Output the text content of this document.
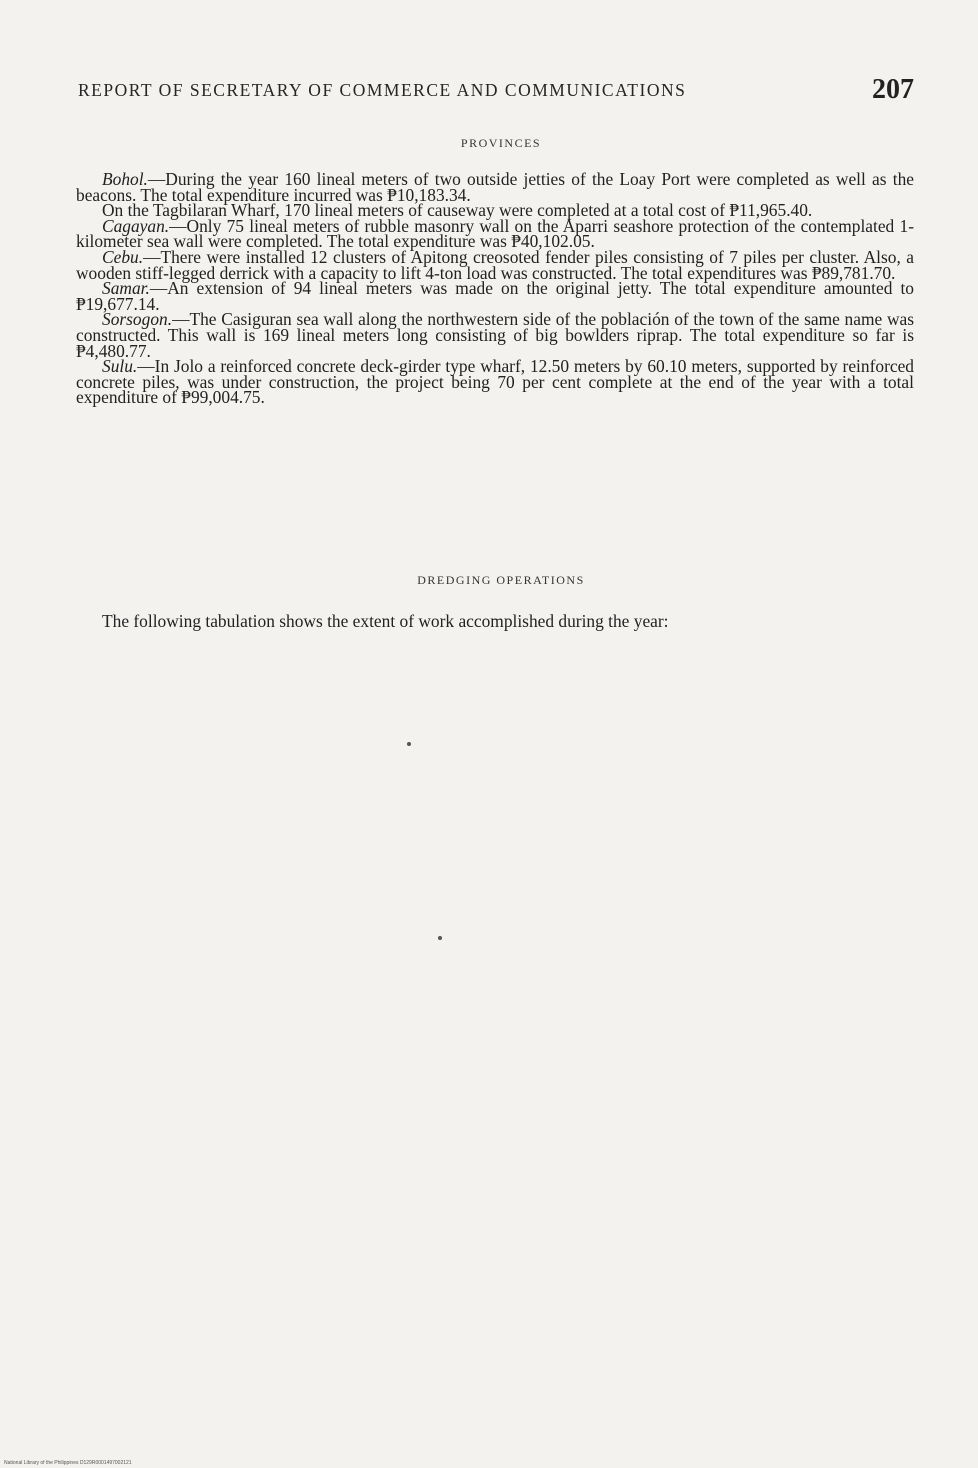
REPORT OF SECRETARY OF COMMERCE AND COMMUNICATIONS	207
PROVINCES

Bohol.—During the year 160 lineal meters of two outside jetties of the Loay Port were completed as well as the beacons. The total expenditure incurred was ₱10,183.34.

On the Tagbilaran Wharf, 170 lineal meters of causeway were completed at a total cost of ₱11,965.40.

Cagayan.—Only 75 lineal meters of rubble masonry wall on the Aparri seashore protection of the contemplated 1-kilometer sea wall were completed. The total expenditure was ₱40,102.05.

Cebu.—There were installed 12 clusters of Apitong creosoted fender piles consisting of 7 piles per cluster. Also, a wooden stiff-legged derrick with a capacity to lift 4-ton load was constructed. The total expenditures was ₱89,781.70.

Samar.—An extension of 94 lineal meters was made on the original jetty. The total expenditure amounted to ₱19,677.14.

Sorsogon.—The Casiguran sea wall along the northwestern side of the población of the town of the same name was constructed. This wall is 169 lineal meters long consisting of big bowlders riprap. The total expenditure so far is ₱4,480.77.

Sulu.—In Jolo a reinforced concrete deck-girder type wharf, 12.50 meters by 60.10 meters, supported by reinforced concrete piles, was under construction, the project being 70 per cent complete at the end of the year with a total expenditure of ₱99,004.75.

DREDGING OPERATIONS

The following tabulation shows the extent of work accomplished during the year:

National Library of the Philippines D129R0001497002121
